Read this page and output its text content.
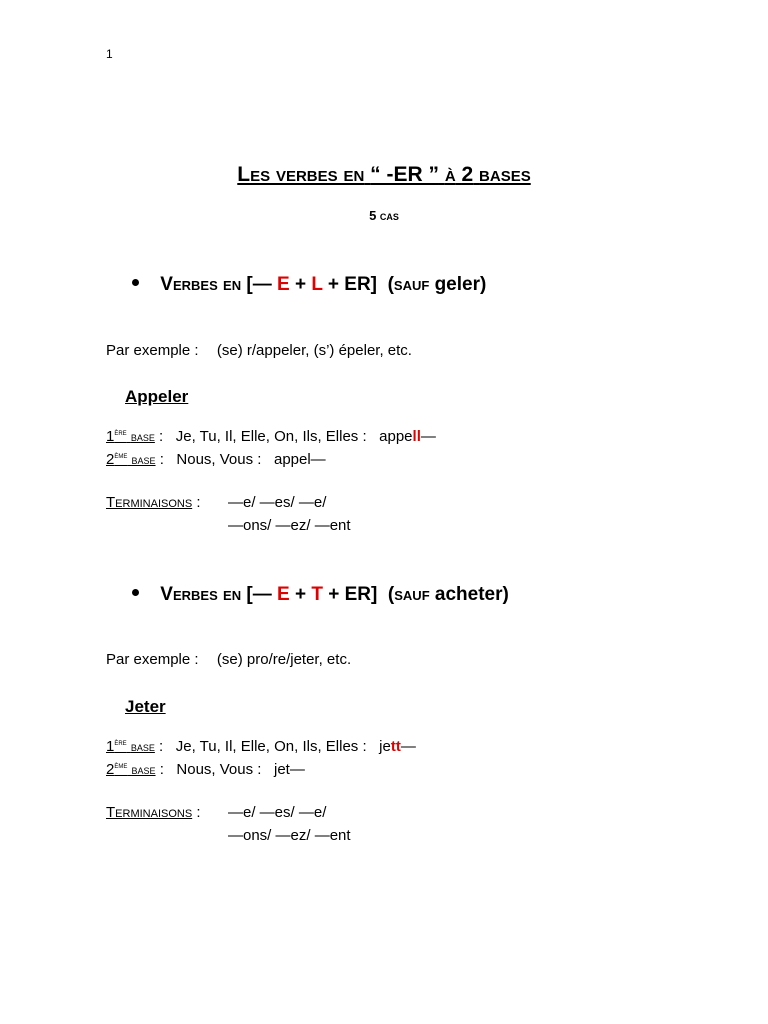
1
Les verbes en “ -ER ” à 2 bases
5 cas
Verbes en [— E + L + ER] (sauf geler)
Par exemple : (se) r/appeler, (s’) épeler, etc.
Appeler
1ère base : Je, Tu, Il, Elle, On, Ils, Elles : appell—
2ème base : Nous, Vous : appel—
Terminaisons : —e/ —es/ —e/
—ons/ —ez/ —ent
Verbes en [— E + T + ER] (sauf acheter)
Par exemple : (se) pro/re/jeter, etc.
Jeter
1ère base : Je, Tu, Il, Elle, On, Ils, Elles : jett—
2ème base : Nous, Vous : jet—
Terminaisons : —e/ —es/ —e/
—ons/ —ez/ —ent
